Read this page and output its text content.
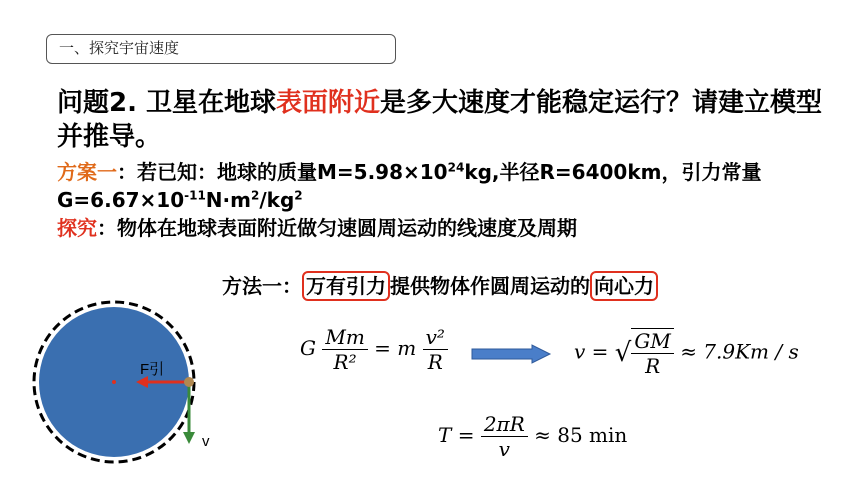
一、探究宇宙速度
问题2. 卫星在地球表面附近是多大速度才能稳定运行？请建立模型并推导。
方案一：若已知：地球的质量$M=5.98\times 10^{24}kg$,半径R=6400km，引力常量$G=6.67\times 10^{-11}N\cdot m^2/kg^2$
探究：物体在地球表面附近做匀速圆周运动的线速度及周期
方法一： 万有引力 提供物体作圆周运动的 向心力
F引
v
G $\frac{Mm}{\text{R²}} = m \frac{\text{v²}}{R}$	v = √ $\frac{GM}{R} \approx 7.9Km / s$
$T = \frac{2\pi R}{v} \approx 85$ min
